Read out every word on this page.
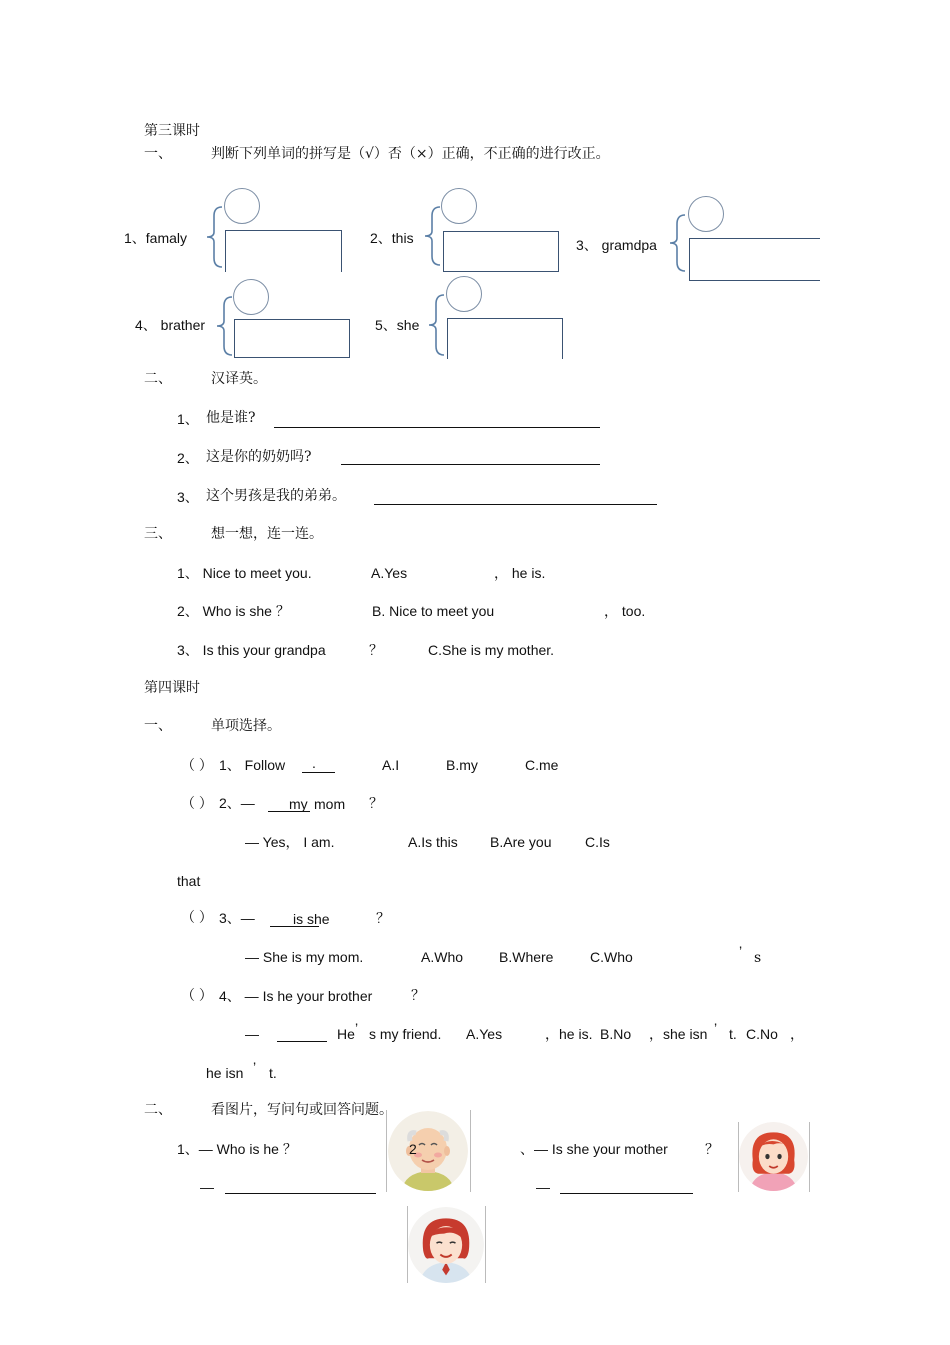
第三课时
一、	判断下列单词的拼写是（√）否（×）正确，不正确的进行改正。
1、famaly	2、this	3、 gramdpa
4、 brather	5、she
二、	汉译英。
1、 他是谁?
2、 这是你的奶奶吗?
3、 这个男孩是我的弟弟。
三、	想一想，连一连。
1、 Nice to meet you.	A.Yes	， he is.
2、 Who is she ？	B. Nice to meet you	， too.
3、 Is this your grandpa	？	C.She is my mother.
第四课时
一、	单项选择。
（ ） 1、 Follow .	A.I	B.my	C.me
（ ） 2、— my mom ？
— Yes， I am.	A.Is this B.Are you C.Is
that
（ ） 3、—	is she	？
— She is my mom.	A.Who	B.Where	C.Who	’ s
（ ） 4、 — Is he your brother	？
—	He ’ s my friend. A.Yes	，he is. B.No ，she isn ’ t. C.No ，
he isn ’ t.
二、	看图片，写问句或回答问题。
1、— Who is he ？
—
2	、— Is she your mother	？
—
